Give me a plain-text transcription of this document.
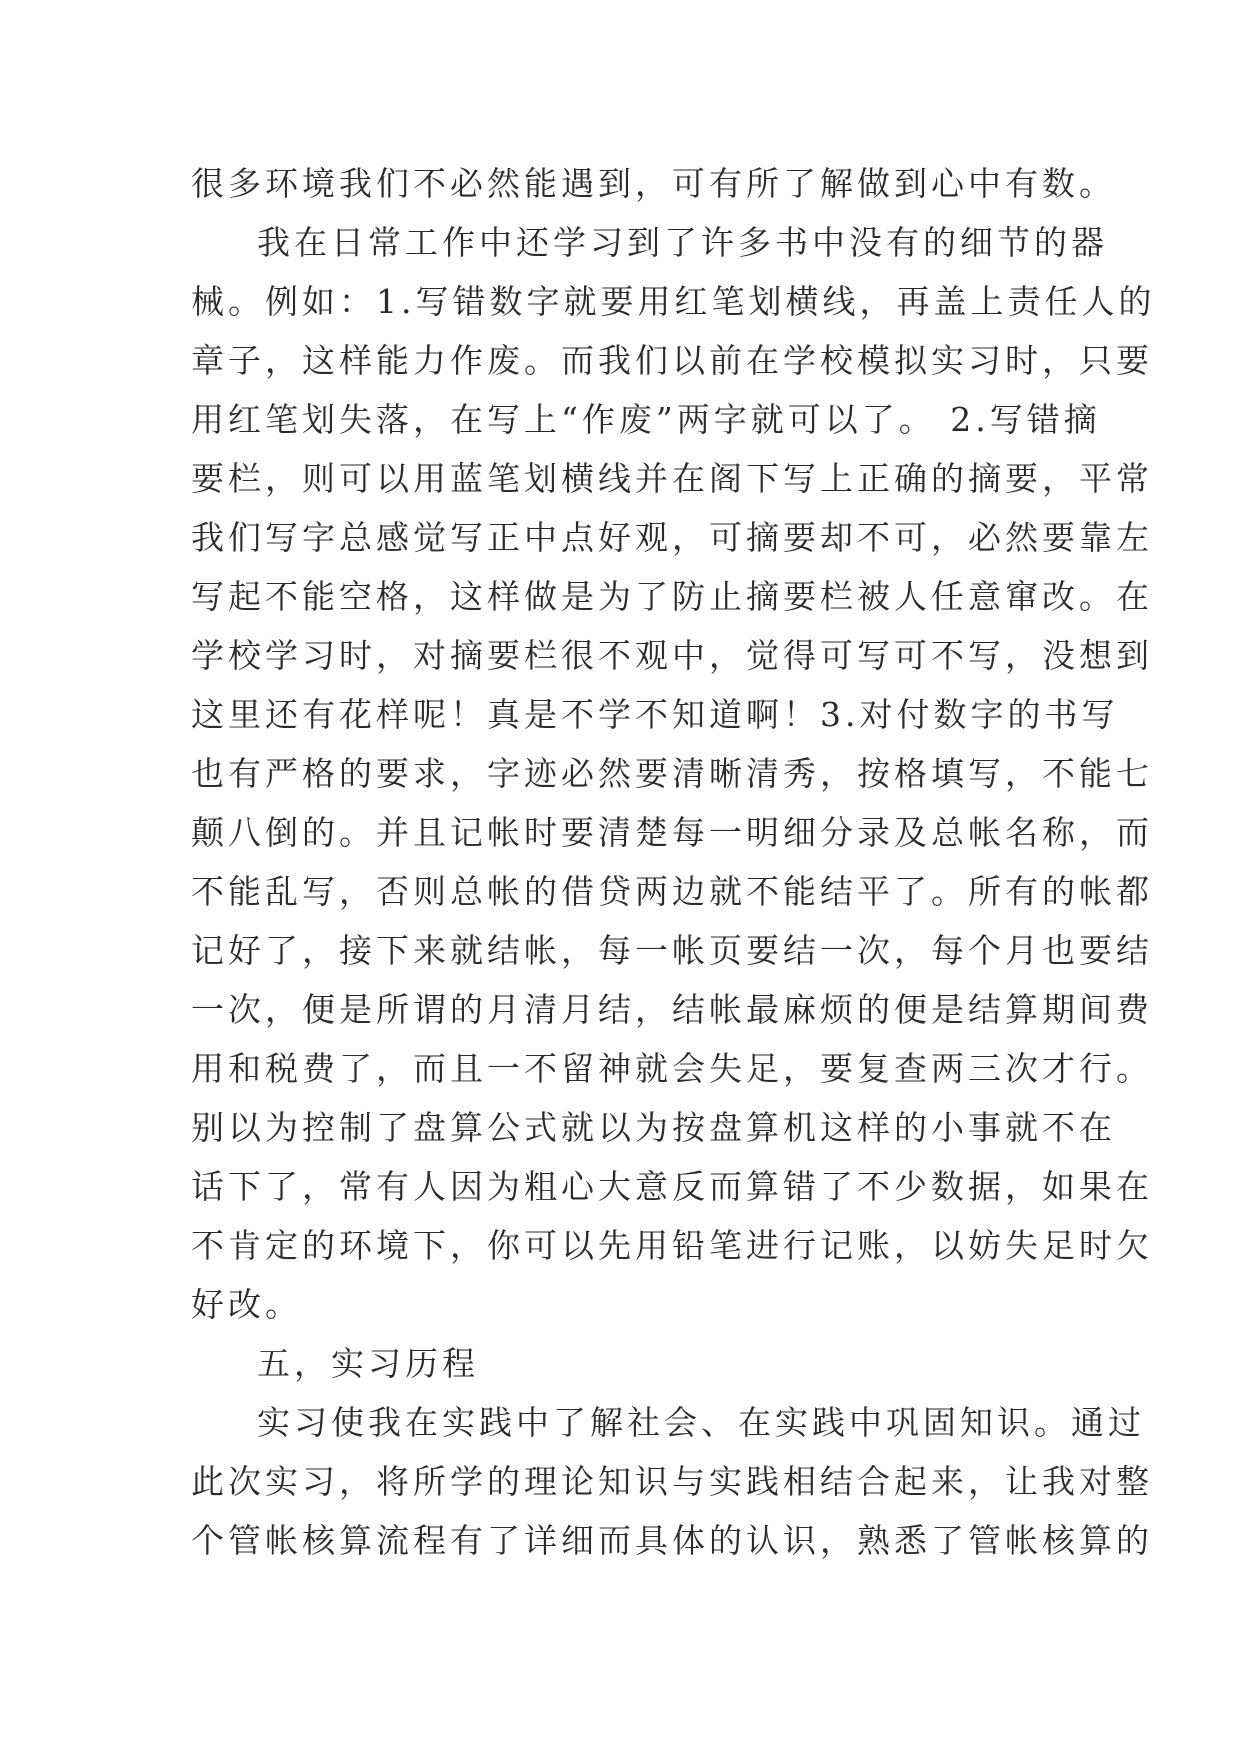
很多环境我们不必然能遇到，可有所了解做到心中有数。
我在日常工作中还学习到了许多书中没有的细节的器
械。例如：1.写错数字就要用红笔划横线，再盖上责任人的
章子，这样能力作废。而我们以前在学校模拟实习时，只要
用红笔划失落，在写上“作废”两字就可以了。 2.写错摘
要栏，则可以用蓝笔划横线并在阁下写上正确的摘要，平常
我们写字总感觉写正中点好观，可摘要却不可，必然要靠左
写起不能空格，这样做是为了防止摘要栏被人任意窜改。在
学校学习时，对摘要栏很不观中，觉得可写可不写，没想到
这里还有花样呢！真是不学不知道啊！3.对付数字的书写
也有严格的要求，字迹必然要清晰清秀，按格填写，不能七
颠八倒的。并且记帐时要清楚每一明细分录及总帐名称，而
不能乱写，否则总帐的借贷两边就不能结平了。所有的帐都
记好了，接下来就结帐，每一帐页要结一次，每个月也要结
一次，便是所谓的月清月结，结帐最麻烦的便是结算期间费
用和税费了，而且一不留神就会失足，要复查两三次才行。
别以为控制了盘算公式就以为按盘算机这样的小事就不在
话下了，常有人因为粗心大意反而算错了不少数据，如果在
不肯定的环境下，你可以先用铅笔进行记账，以妨失足时欠
好改。
五，实习历程
实习使我在实践中了解社会、在实践中巩固知识。通过
此次实习，将所学的理论知识与实践相结合起来，让我对整
个管帐核算流程有了详细而具体的认识，熟悉了管帐核算的
